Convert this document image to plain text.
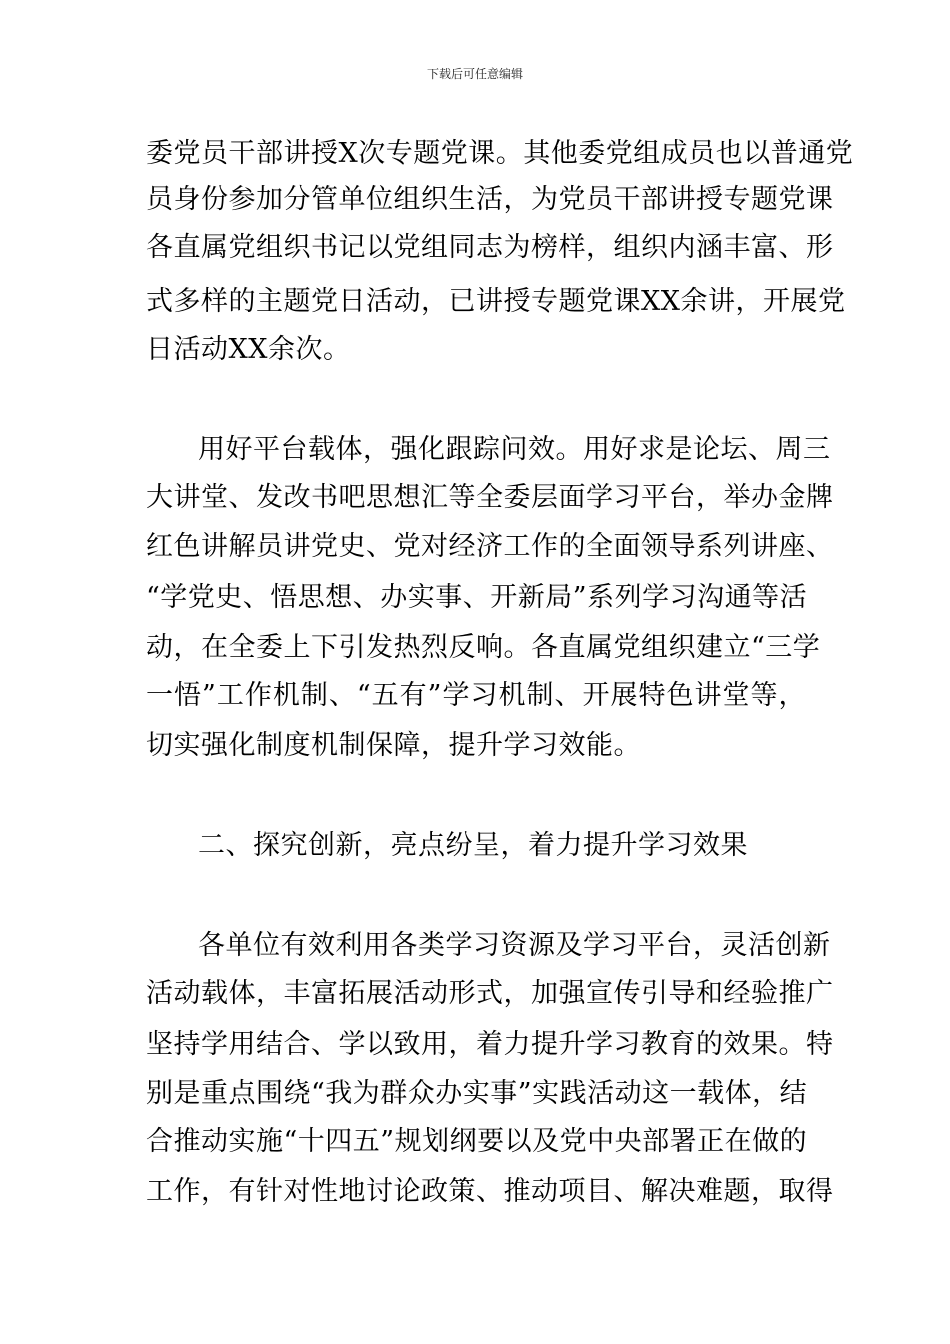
下载后可任意编辑
委党员干部讲授X次专题党课。其他委党组成员也以普通党
员身份参加分管单位组织生活，为党员干部讲授专题党课
各直属党组织书记以党组同志为榜样，组织内涵丰富、形
式多样的主题党日活动，已讲授专题党课XX余讲，开展党
日活动XX余次。
用好平台载体，强化跟踪问效。用好求是论坛、周三
大讲堂、发改书吧思想汇等全委层面学习平台，举办金牌
红色讲解员讲党史、党对经济工作的全面领导系列讲座、
“学党史、悟思想、办实事、开新局”系列学习沟通等活
动，在全委上下引发热烈反响。各直属党组织建立“三学
一悟”工作机制、“五有”学习机制、开展特色讲堂等，
切实强化制度机制保障，提升学习效能。
二、探究创新，亮点纷呈，着力提升学习效果
各单位有效利用各类学习资源及学习平台，灵活创新
活动载体，丰富拓展活动形式，加强宣传引导和经验推广
坚持学用结合、学以致用，着力提升学习教育的效果。特
别是重点围绕“我为群众办实事”实践活动这一载体，结
合推动实施“十四五”规划纲要以及党中央部署正在做的
工作，有针对性地讨论政策、推动项目、解决难题，取得
